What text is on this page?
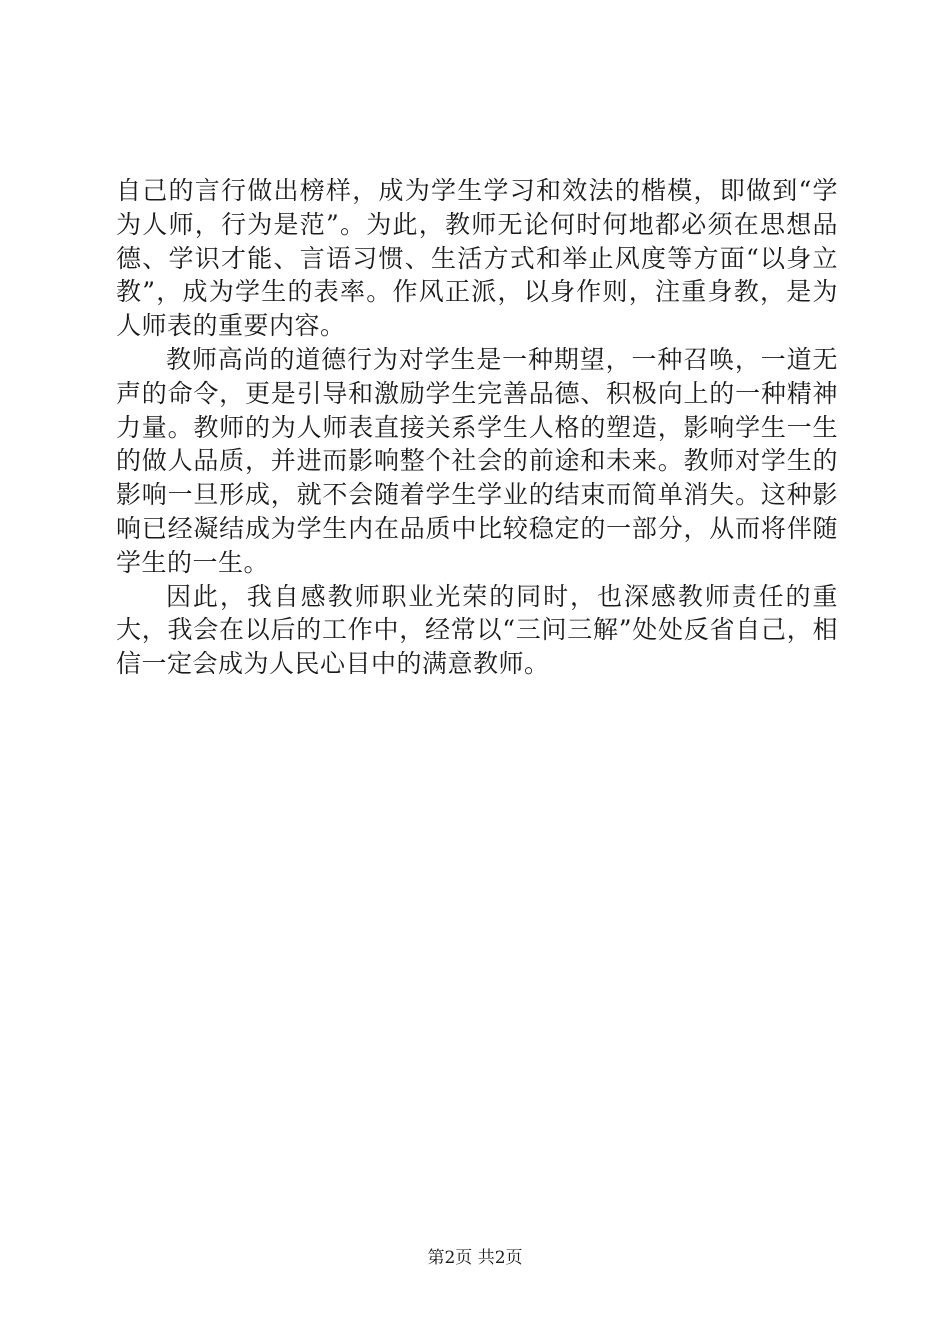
自己的言行做出榜样，成为学生学习和效法的楷模，即做到“学为人师，行为是范”。为此，教师无论何时何地都必须在思想品德、学识才能、言语习惯、生活方式和举止风度等方面“以身立教”，成为学生的表率。作风正派，以身作则，注重身教，是为人师表的重要内容。

教师高尚的道德行为对学生是一种期望，一种召唤，一道无声的命令，更是引导和激励学生完善品德、积极向上的一种精神力量。教师的为人师表直接关系学生人格的塑造，影响学生一生的做人品质，并进而影响整个社会的前途和未来。教师对学生的影响一旦形成，就不会随着学生学业的结束而简单消失。这种影响已经凝结成为学生内在品质中比较稳定的一部分，从而将伴随学生的一生。

因此，我自感教师职业光荣的同时，也深感教师责任的重大，我会在以后的工作中，经常以“三问三解”处处反省自己，相信一定会成为人民心目中的满意教师。

第2页 共2页
